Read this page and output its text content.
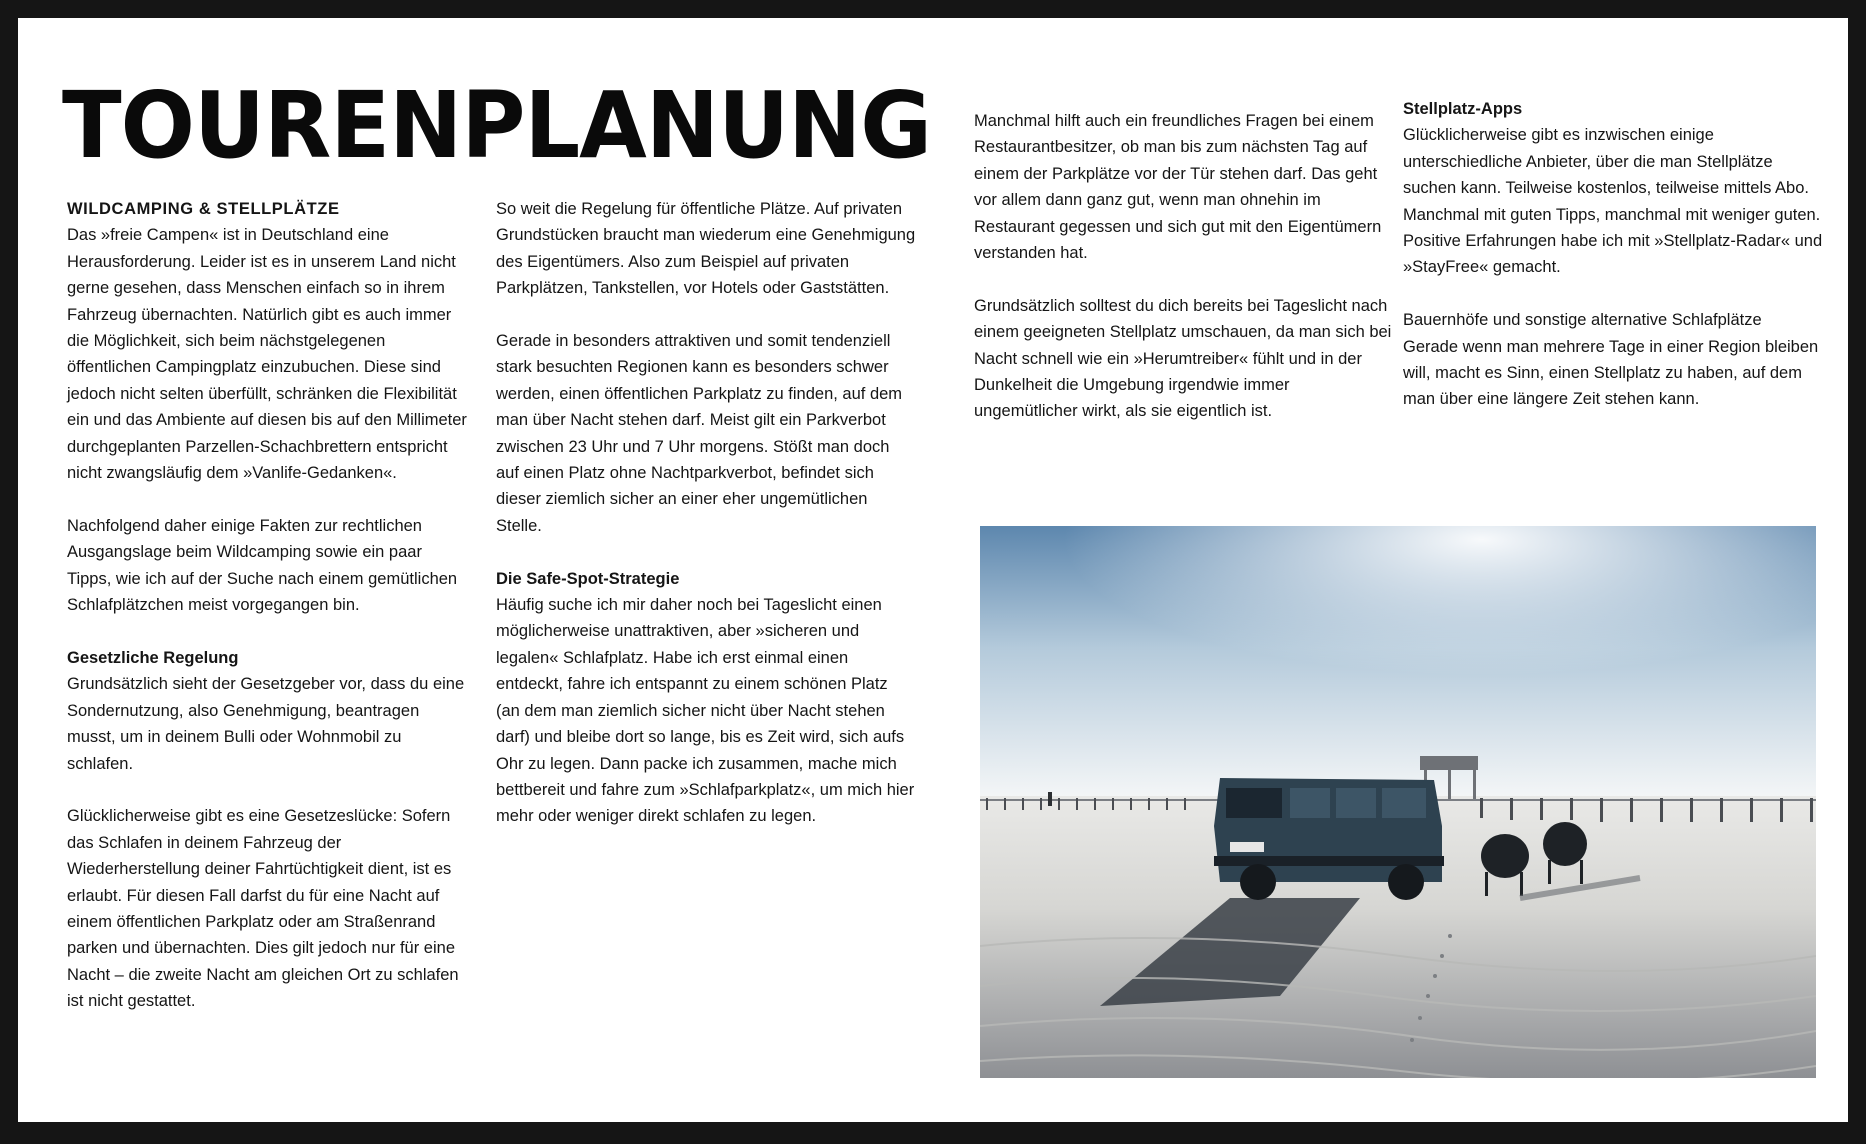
TOURENPLANUNG

WILDCAMPING & STELLPLÄTZE

Das »freie Campen« ist in Deutschland eine Herausforderung. Leider ist es in unserem Land nicht gerne gesehen, dass Menschen einfach so in ihrem Fahrzeug übernachten. Natürlich gibt es auch immer die Möglichkeit, sich beim nächstgelegenen öffentlichen Campingplatz einzubuchen. Diese sind jedoch nicht selten überfüllt, schränken die Flexibilität ein und das Ambiente auf diesen bis auf den Millimeter durchgeplanten Parzellen-Schachbrettern entspricht nicht zwangsläufig dem »Vanlife-Gedanken«.

Nachfolgend daher einige Fakten zur rechtlichen Ausgangslage beim Wildcamping sowie ein paar Tipps, wie ich auf der Suche nach einem gemütlichen Schlafplätzchen meist vorgegangen bin.

Gesetzliche Regelung

Grundsätzlich sieht der Gesetzgeber vor, dass du eine Sondernutzung, also Genehmigung, beantragen musst, um in deinem Bulli oder Wohnmobil zu schlafen.

Glücklicherweise gibt es eine Gesetzeslücke: Sofern das Schlafen in deinem Fahrzeug der Wiederherstellung deiner Fahrtüchtigkeit dient, ist es erlaubt. Für diesen Fall darfst du für eine Nacht auf einem öffentlichen Parkplatz oder am Straßenrand parken und übernachten. Dies gilt jedoch nur für eine Nacht – die zweite Nacht am gleichen Ort zu schlafen ist nicht gestattet.

So weit die Regelung für öffentliche Plätze. Auf privaten Grundstücken braucht man wiederum eine Genehmigung des Eigentümers. Also zum Beispiel auf privaten Parkplätzen, Tankstellen, vor Hotels oder Gaststätten.

Gerade in besonders attraktiven und somit tendenziell stark besuchten Regionen kann es besonders schwer werden, einen öffentlichen Parkplatz zu finden, auf dem man über Nacht stehen darf. Meist gilt ein Parkverbot zwischen 23 Uhr und 7 Uhr morgens. Stößt man doch auf einen Platz ohne Nachtparkverbot, befindet sich dieser ziemlich sicher an einer eher ungemütlichen Stelle.

Die Safe-Spot-Strategie

Häufig suche ich mir daher noch bei Tageslicht einen möglicherweise unattraktiven, aber »sicheren und legalen« Schlafplatz. Habe ich erst einmal einen entdeckt, fahre ich entspannt zu einem schönen Platz (an dem man ziemlich sicher nicht über Nacht stehen darf) und bleibe dort so lange, bis es Zeit wird, sich aufs Ohr zu legen. Dann packe ich zusammen, mache mich bettbereit und fahre zum »Schlafparkplatz«, um mich hier mehr oder weniger direkt schlafen zu legen.

Manchmal hilft auch ein freundliches Fragen bei einem Restaurantbesitzer, ob man bis zum nächsten Tag auf einem der Parkplätze vor der Tür stehen darf. Das geht vor allem dann ganz gut, wenn man ohnehin im Restaurant gegessen und sich gut mit den Eigentümern verstanden hat.

Grundsätzlich solltest du dich bereits bei Tageslicht nach einem geeigneten Stellplatz umschauen, da man sich bei Nacht schnell wie ein »Herumtreiber« fühlt und in der Dunkelheit die Umgebung irgendwie immer ungemütlicher wirkt, als sie eigentlich ist.

Stellplatz-Apps

Glücklicherweise gibt es inzwischen einige unterschiedliche Anbieter, über die man Stellplätze suchen kann. Teilweise kostenlos, teilweise mittels Abo. Manchmal mit guten Tipps, manchmal mit weniger guten. Positive Erfahrungen habe ich mit »Stellplatz-Radar« und »StayFree« gemacht.

Bauernhöfe und sonstige alternative Schlafplätze

Gerade wenn man mehrere Tage in einer Region bleiben will, macht es Sinn, einen Stellplatz zu haben, auf dem man über eine längere Zeit stehen kann.
